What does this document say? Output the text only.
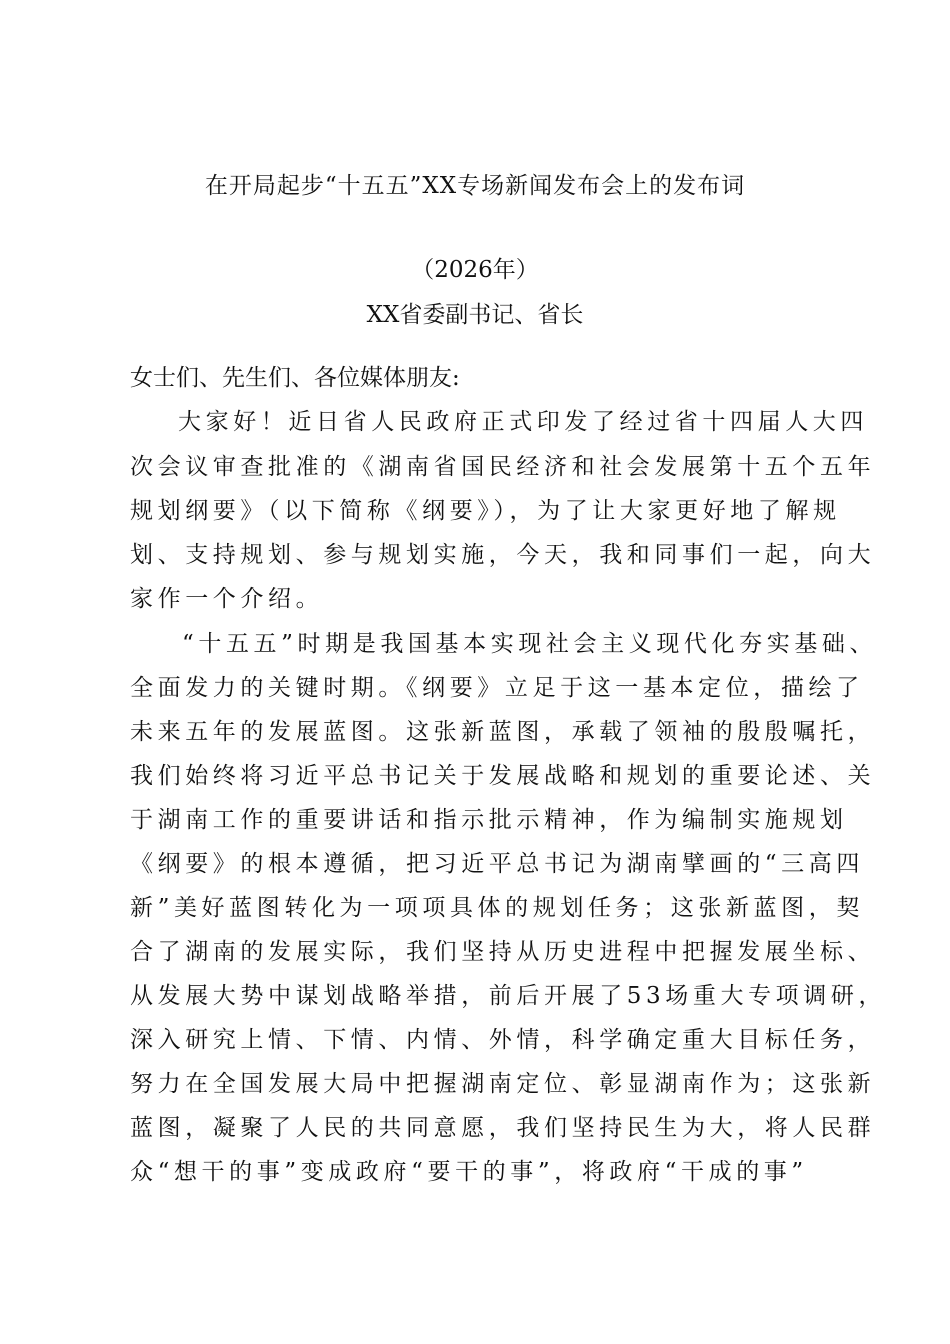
在开局起步“十五五”XX专场新闻发布会上的发布词
（2026年）
XX省委副书记、省长
女士们、先生们、各位媒体朋友:
大家好！近日省人民政府正式印发了经过省十四届人大四
次会议审查批准的《湖南省国民经济和社会发展第十五个五年
规划纲要》（以下简称《纲要》），为了让大家更好地了解规
划、支持规划、参与规划实施，今天，我和同事们一起，向大
家作一个介绍。
“十五五”时期是我国基本实现社会主义现代化夯实基础、
全面发力的关键时期。《纲要》立足于这一基本定位，描绘了
未来五年的发展蓝图。这张新蓝图，承载了领袖的殷殷嘱托，
我们始终将习近平总书记关于发展战略和规划的重要论述、关
于湖南工作的重要讲话和指示批示精神，作为编制实施规划
《纲要》的根本遵循，把习近平总书记为湖南擘画的“三高四
新”美好蓝图转化为一项项具体的规划任务；这张新蓝图，契
合了湖南的发展实际，我们坚持从历史进程中把握发展坐标、
从发展大势中谋划战略举措，前后开展了53场重大专项调研，
深入研究上情、下情、内情、外情，科学确定重大目标任务，
努力在全国发展大局中把握湖南定位、彰显湖南作为；这张新
蓝图，凝聚了人民的共同意愿，我们坚持民生为大，将人民群
众“想干的事”变成政府“要干的事”，将政府“干成的事”
